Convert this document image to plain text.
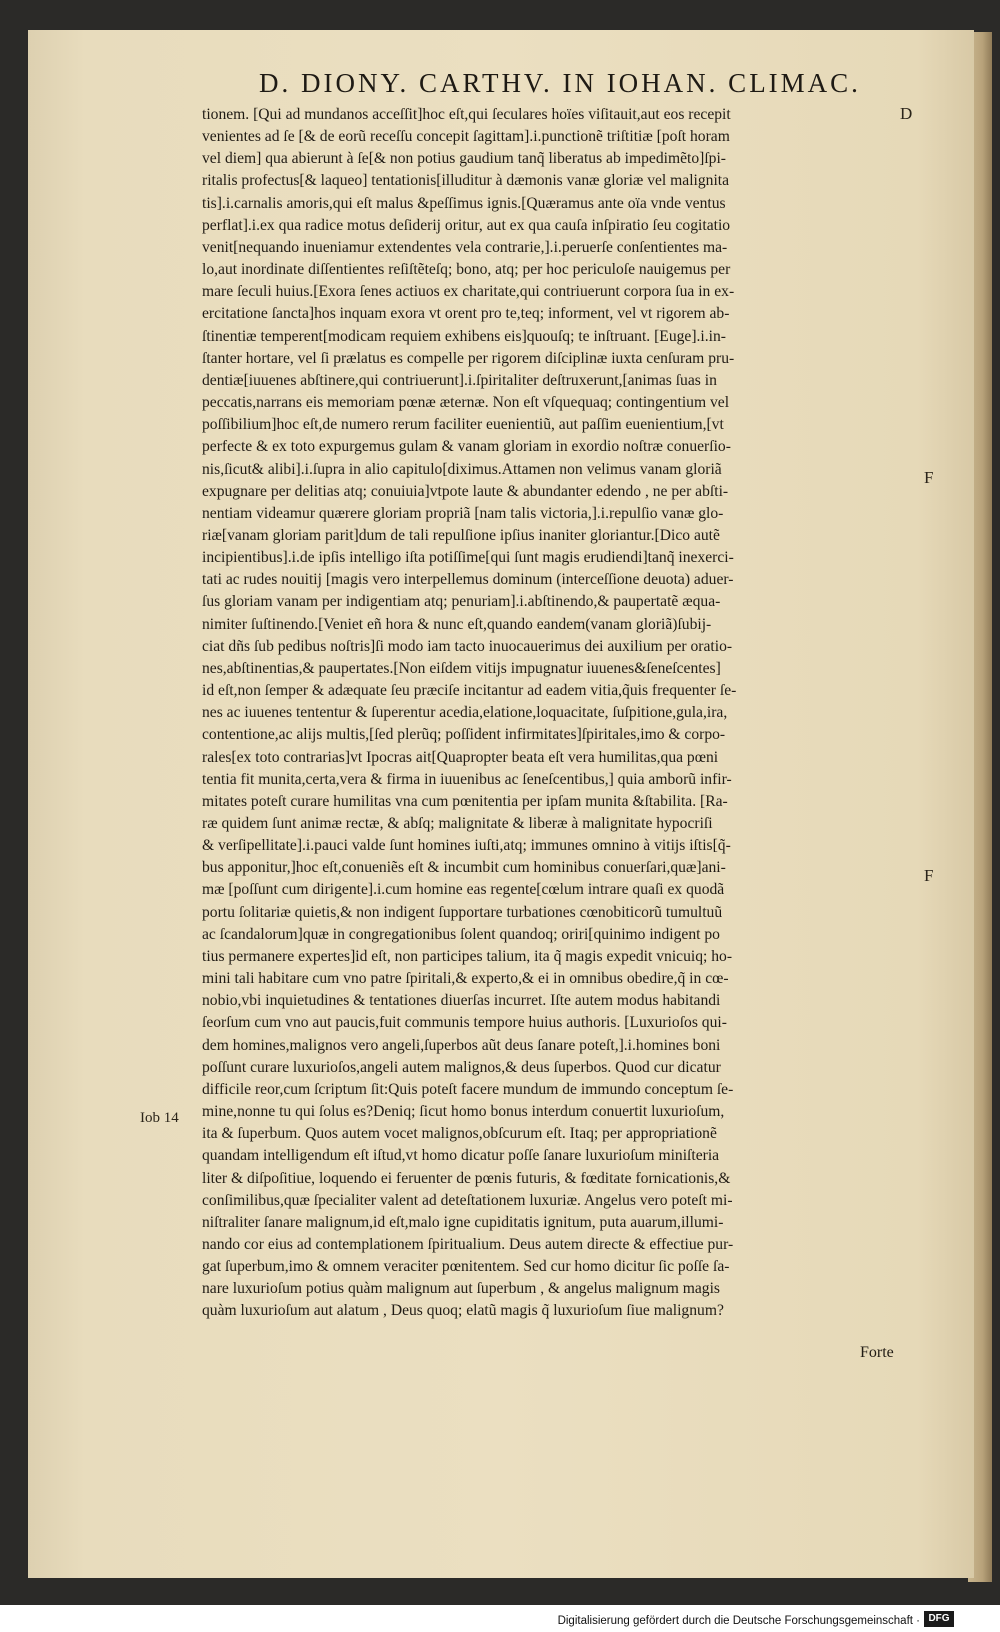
D. DIONY. CARTHV. IN IOHAN. CLIMAC.
tionem. [Qui ad mundanos acceſſit]hoc eſt,qui ſeculares hoïes viſitauit,aut eos recepit
venientes ad ſe [& de eorũ receſſu concepit ſagittam].i.punctionẽ triſtitiæ [poſt horam
vel diem] qua abierunt à ſe[& non potius gaudium tanq̃ liberatus ab impedimẽto]ſpi-
ritalis profectus[& laqueo] tentationis[illuditur à dæmonis vanæ gloriæ vel malignita
tis].i.carnalis amoris,qui eſt malus &peſſimus ignis.[Quæramus ante oïa vnde ventus
perflat].i.ex qua radice motus deſiderij oritur, aut ex qua cauſa inſpiratio ſeu cogitatio
venit[nequando inueniamur extendentes vela contrarie,].i.peruerſe conſentientes ma-
lo,aut inordinate diſſentientes reſiſtẽteſq; bono, atq; per hoc periculoſe nauigemus per
mare ſeculi huius.[Exora ſenes actiuos ex charitate,qui contriuerunt corpora ſua in ex-
ercitatione ſancta]hos inquam exora vt orent pro te,teq; informent, vel vt rigorem ab-
ſtinentiæ temperent[modicam requiem exhibens eis]quouſq; te inſtruant. [Euge].i.in-
ſtanter hortare, vel ſi prælatus es compelle per rigorem diſciplinæ iuxta cenſuram pru-
dentiæ[iuuenes abſtinere,qui contriuerunt].i.ſpiritaliter deſtruxerunt,[animas ſuas in
peccatis,narrans eis memoriam pœnæ æternæ. Non eſt vſquequaq; contingentium vel
poſſibilium]hoc eſt,de numero rerum faciliter euenientiũ, aut paſſim euenientium,[vt
perfecte & ex toto expurgemus gulam & vanam gloriam in exordio noſtræ conuerſio-
nis,ſicut& alibi].i.ſupra in alio capitulo[diximus.Attamen non velimus vanam gloriã
expugnare per delitias atq; conuiuia]vtpote laute & abundanter edendo , ne per abſti-
nentiam videamur quærere gloriam propriã [nam talis victoria,].i.repulſio vanæ glo-
riæ[vanam gloriam parit]dum de tali repulſione ipſius inaniter gloriantur.[Dico autẽ
incipientibus].i.de ipſis intelligo iſta potiſſime[qui ſunt magis erudiendi]tanq̃ inexerci-
tati ac rudes nouitij [magis vero interpellemus dominum (interceſſione deuota) aduer-
ſus gloriam vanam per indigentiam atq; penuriam].i.abſtinendo,& paupertatẽ æqua-
nimiter ſuſtinendo.[Veniet eñ hora & nunc eſt,quando eandem(vanam gloriã)ſubij-
ciat dñs ſub pedibus noſtris]ſi modo iam tacto inuocauerimus dei auxilium per oratio-
nes,abſtinentias,& paupertates.[Non eiſdem vitijs impugnatur iuuenes&ſeneſcentes]
id eſt,non ſemper & adæquate ſeu præciſe incitantur ad eadem vitia,q̃uis frequenter ſe-
nes ac iuuenes tententur & ſuperentur acedia,elatione,loquacitate, ſuſpitione,gula,ira,
contentione,ac alijs multis,[ſed plerũq; poſſident infirmitates]ſpiritales,imo & corpo-
rales[ex toto contrarias]vt Ipocras ait[Quapropter beata eſt vera humilitas,qua pœni
tentia fit munita,certa,vera & firma in iuuenibus ac ſeneſcentibus,] quia amborũ infir-
mitates poteſt curare humilitas vna cum pœnitentia per ipſam munita &ſtabilita. [Ra-
ræ quidem ſunt animæ rectæ, & abſq; malignitate & liberæ à malignitate hypocriſi
& verſipellitate].i.pauci valde ſunt homines iuſti,atq; immunes omnino à vitijs iſtis[q̃-
bus apponitur,]hoc eſt,conueniẽs eſt & incumbit cum hominibus conuerſari,quæ]ani-
mæ [poſſunt cum dirigente].i.cum homine eas regente[cœlum intrare quaſi ex quodã
portu ſolitariæ quietis,& non indigent ſupportare turbationes cœnobiticorũ tumultuũ
ac ſcandalorum]quæ in congregationibus ſolent quandoq; oriri[quinimo indigent po
tius permanere expertes]id eſt, non participes talium, ita q̃ magis expedit vnicuiq; ho-
mini tali habitare cum vno patre ſpiritali,& experto,& ei in omnibus obedire,q̃ in cœ-
nobio,vbi inquietudines & tentationes diuerſas incurret. Iſte autem modus habitandi
ſeorſum cum vno aut paucis,fuit communis tempore huius authoris. [Luxurioſos qui-
dem homines,malignos vero angeli,ſuperbos aũt deus ſanare poteſt,].i.homines boni
poſſunt curare luxurioſos,angeli autem malignos,& deus ſuperbos. Quod cur dicatur
difficile reor,cum ſcriptum ſit:Quis poteſt facere mundum de immundo conceptum ſe-
mine,nonne tu qui ſolus es?Deniq; ſicut homo bonus interdum conuertit luxurioſum,
ita & ſuperbum. Quos autem vocet malignos,obſcurum eſt. Itaq; per appropriationẽ
quandam intelligendum eſt iſtud,vt homo dicatur poſſe ſanare luxurioſum miniſteria
liter & diſpoſitiue, loquendo ei feruenter de pœnis futuris, & fœditate fornicationis,&
conſimilibus,quæ ſpecialiter valent ad deteſtationem luxuriæ. Angelus vero poteſt mi-
niſtraliter ſanare malignum,id eſt,malo igne cupiditatis ignitum, puta auarum,illumi-
nando cor eius ad contemplationem ſpiritualium. Deus autem directe & effectiue pur-
gat ſuperbum,imo & omnem veraciter pœnitentem. Sed cur homo dicitur ſic poſſe ſa-
nare luxurioſum potius quàm malignum aut ſuperbum , & angelus malignum magis
quàm luxurioſum aut alatum , Deus quoq; elatũ magis q̃ luxurioſum ſiue malignum?
D
F
F
Iob 14
Forte
Digitalisierung gefördert durch die Deutsche Forschungsgemeinschaft · DFG
